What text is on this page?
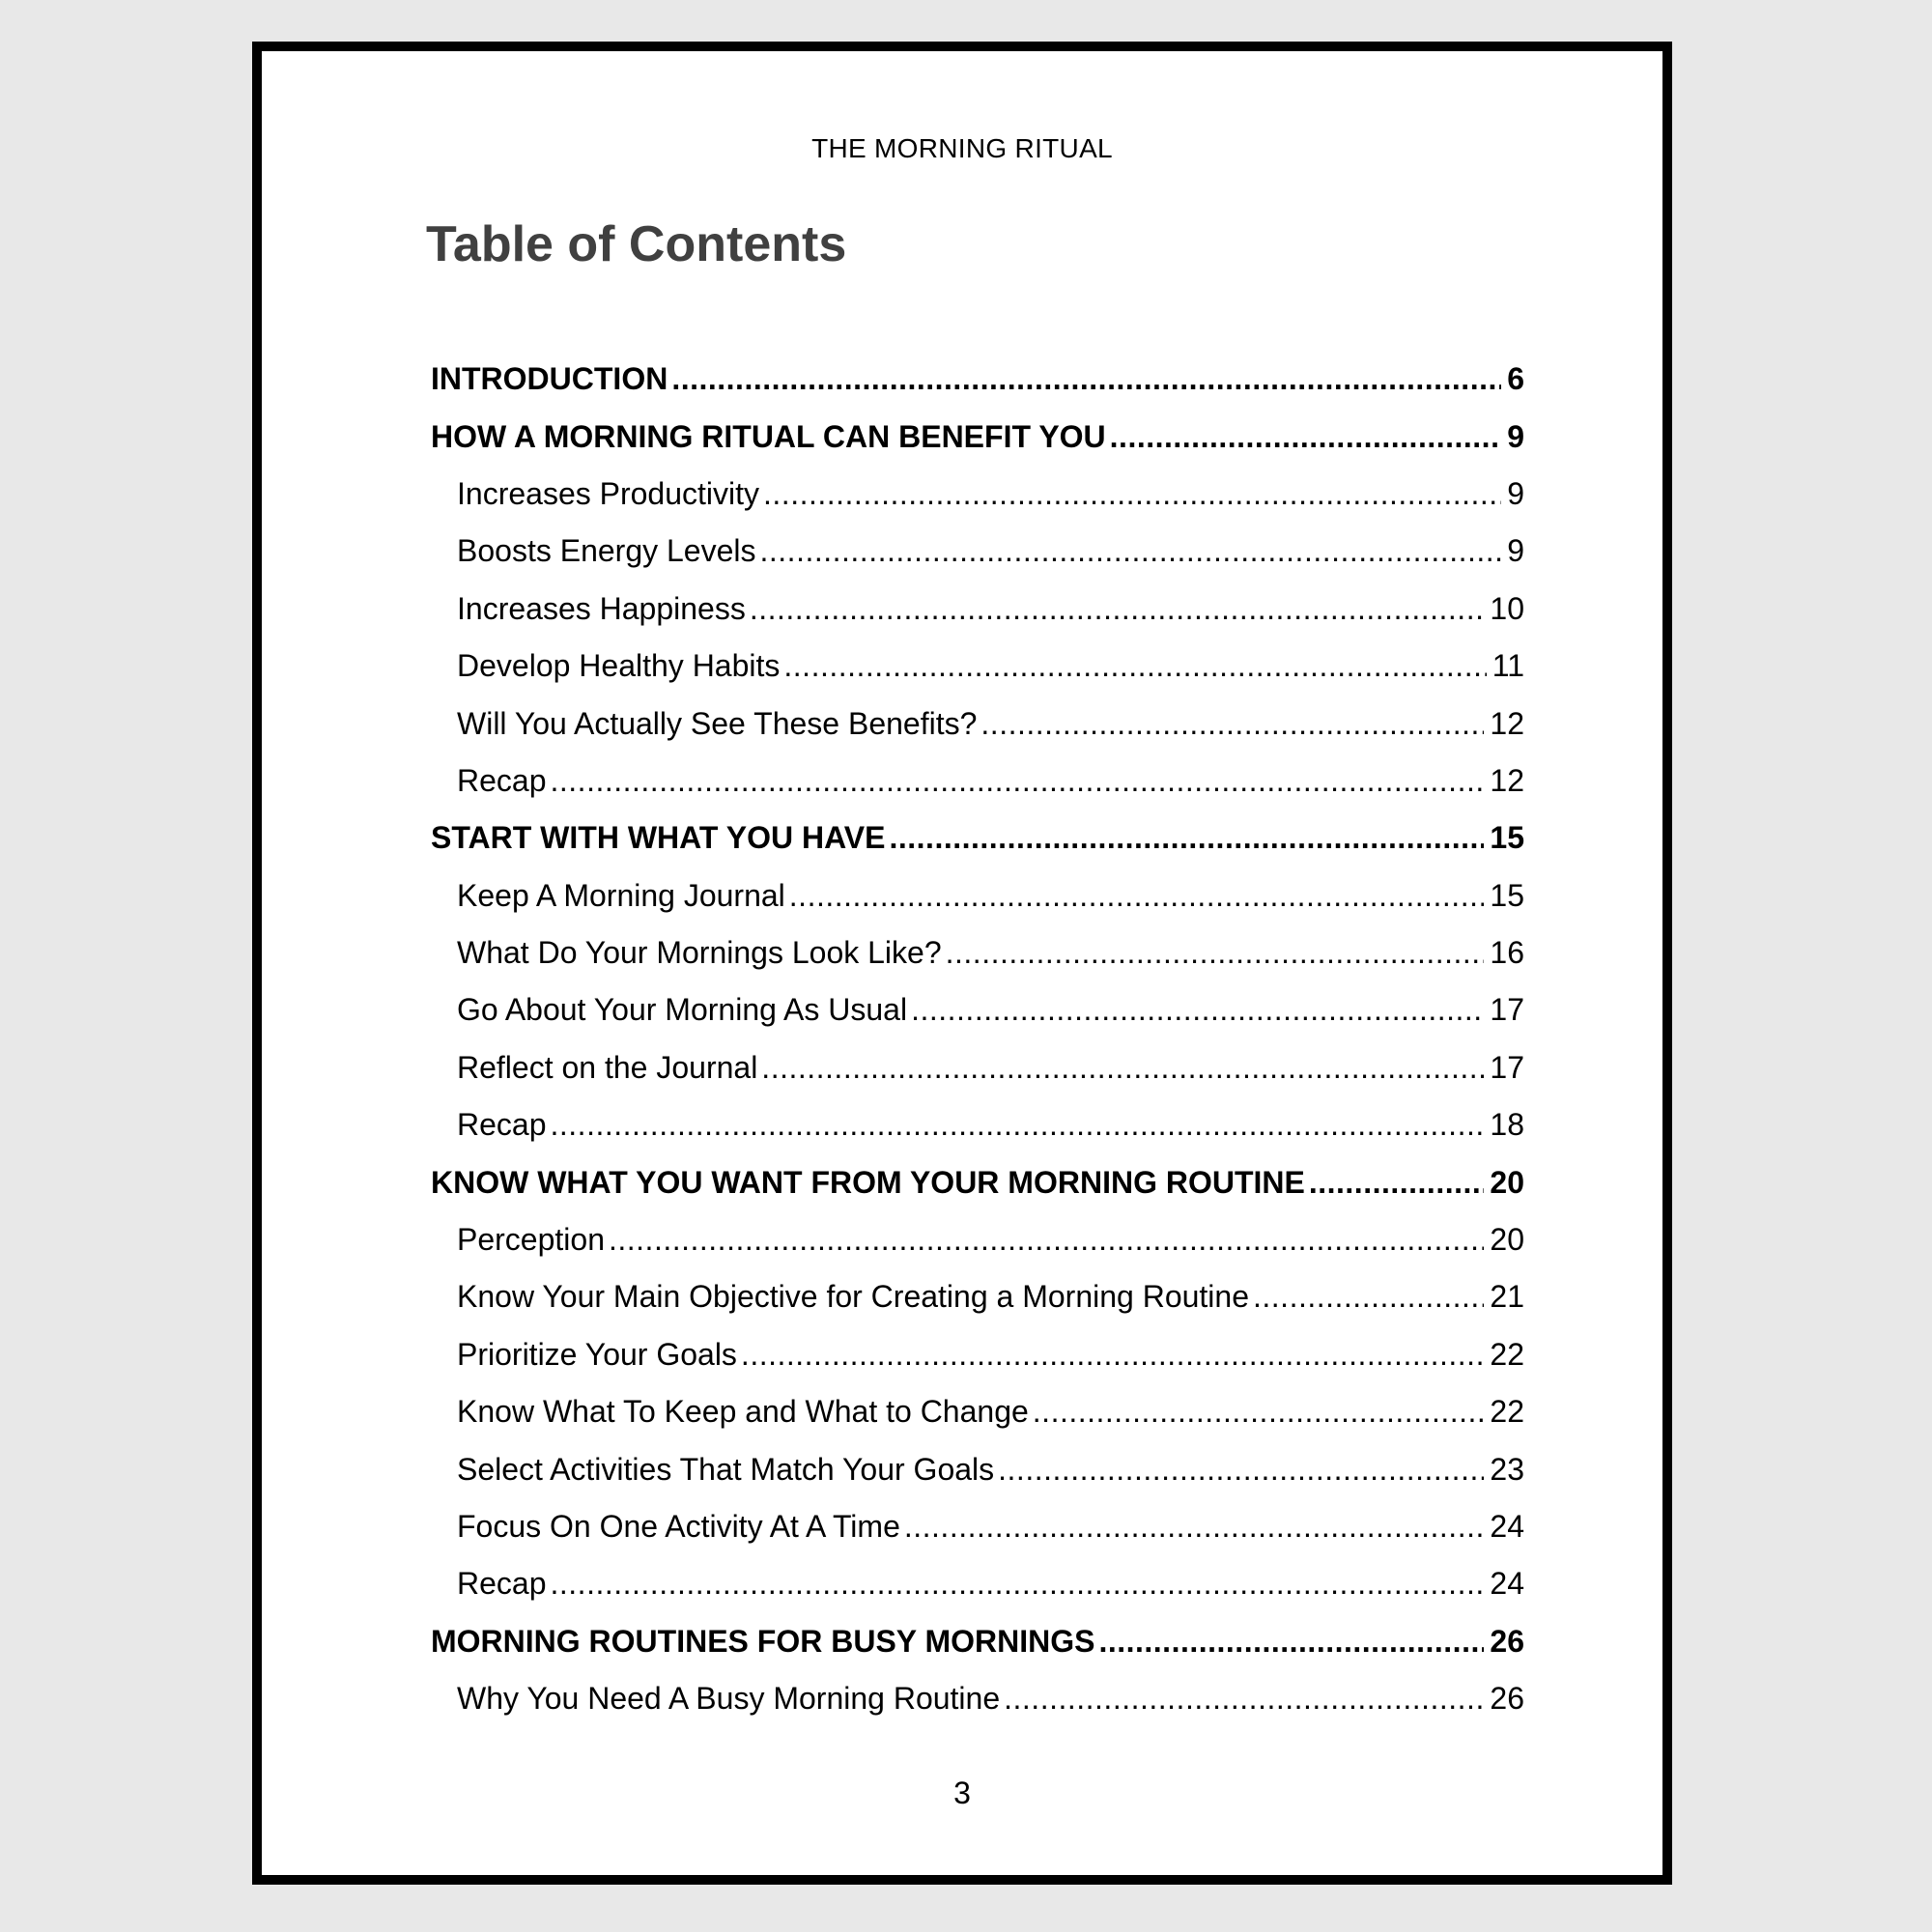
THE MORNING RITUAL
Table of Contents
INTRODUCTION .....	6
HOW A MORNING RITUAL CAN BENEFIT YOU .....	9
Increases Productivity .....	9
Boosts Energy Levels .....	9
Increases Happiness .....	10
Develop Healthy Habits .....	11
Will You Actually See These Benefits? .....	12
Recap .....	12
START WITH WHAT YOU HAVE .....	15
Keep A Morning Journal .....	15
What Do Your Mornings Look Like? .....	16
Go About Your Morning As Usual .....	17
Reflect on the Journal .....	17
Recap .....	18
KNOW WHAT YOU WANT FROM YOUR MORNING ROUTINE .....	20
Perception .....	20
Know Your Main Objective for Creating a Morning Routine .....	21
Prioritize Your Goals .....	22
Know What To Keep and What to Change .....	22
Select Activities That Match Your Goals .....	23
Focus On One Activity At A Time .....	24
Recap .....	24
MORNING ROUTINES FOR BUSY MORNINGS .....	26
Why You Need A Busy Morning Routine .....	26
3
